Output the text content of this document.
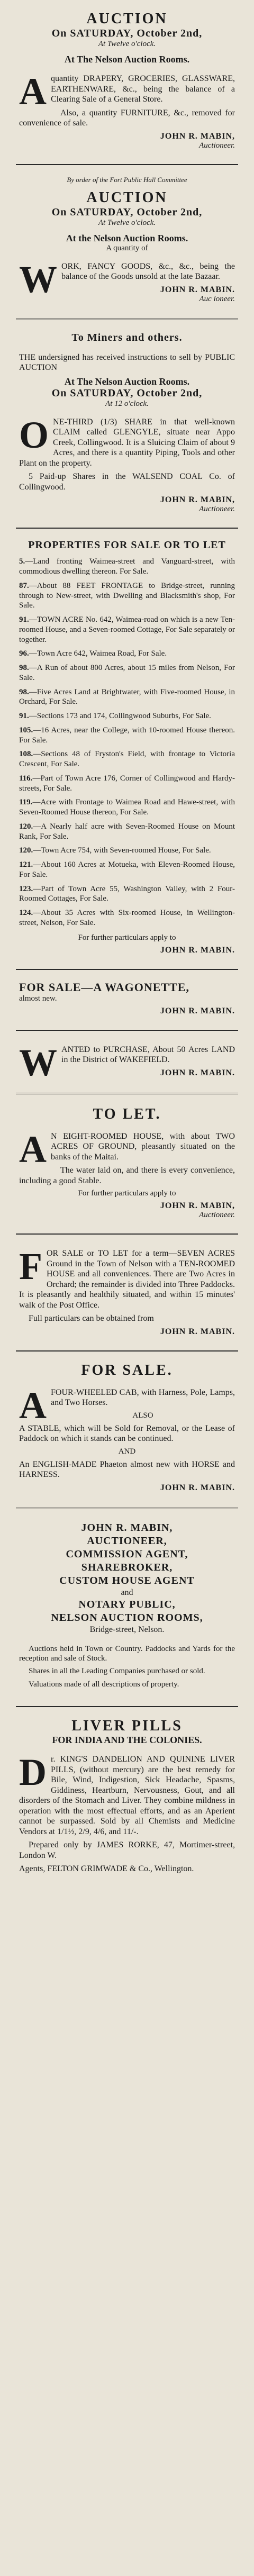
AUCTION
On SATURDAY, October 2nd,
At Twelve o'clock.
At The Nelson Auction Rooms.
A quantity DRAPERY, GROCERIES, GLASSWARE, EARTHENWARE, &c., being the balance of a Clearing Sale of a General Store.
Also, a quantity FURNITURE, &c., removed for convenience of sale.
JOHN R. MABIN,
Auctioneer.
By order of the Fort Public Hall Committee
AUCTION
On SATURDAY, October 2nd,
At Twelve o'clock.
At the Nelson Auction Rooms.
A quantity of
W ORK, FANCY GOODS, &c., &c., being the balance of the Goods unsold at the late Bazaar.
JOHN R. MABIN.
Auc ioneer.
To Miners and others.
THE undersigned has received instructions to sell by PUBLIC AUCTION
At The Nelson Auction Rooms.
On SATURDAY, October 2nd,
At 12 o'clock.
O NE-THIRD (1/3) SHARE in that well-known CLAIM called GLENGYLE, situate near Appo Creek, Collingwood. It is a Sluicing Claim of about 9 Acres, and there is a quantity Piping, Tools and other Plant on the property.
5 Paid-up Shares in the WALSEND COAL Co. of Collingwood.
JOHN R. MABIN,
Auctioneer.
PROPERTIES FOR SALE OR TO LET
5.—Land fronting Waimea-street and Vanguard-street, with commodious dwelling thereon. For Sale.
87.—About 88 FEET FRONTAGE to Bridge-street, running through to New-street, with Dwelling and Blacksmith's shop, For Sale.
91.—TOWN ACRE No. 642, Waimea-road on which is a new Ten-roomed House, and a Seven-roomed Cottage, For Sale separately or together.
96.—Town Acre 642, Waimea Road, For Sale.
98.—A Run of about 800 Acres, about 15 miles from Nelson, For Sale.
98.—Five Acres Land at Brightwater, with Five-roomed House, in Orchard, For Sale.
91.—Sections 173 and 174, Collingwood Suburbs, For Sale.
105.—16 Acres, near the College, with 10-roomed House thereon. For Sale.
108.—Sections 48 of Fryston's Field, with frontage to Victoria Crescent, For Sale.
116.—Part of Town Acre 176, Corner of Collingwood and Hardy-streets, For Sale.
119.—Acre with Frontage to Waimea Road and Hawe-street, with Seven-Roomed House thereon, For Sale.
120.—A Nearly half acre with Seven-Roomed House on Mount Rank, For Sale.
120.—Town Acre 754, with Seven-roomed House, For Sale.
121.—About 160 Acres at Motueka, with Eleven-Roomed House, For Sale.
123.—Part of Town Acre 55, Washington Valley, with 2 Four-Roomed Cottages, For Sale.
124.—About 35 Acres with Six-roomed House, in Wellington-street, Nelson, For Sale.
For further particulars apply to
JOHN R. MABIN.
FOR SALE—A WAGONETTE,
almost new.
JOHN R. MABIN.
W ANTED to PURCHASE, About 50 Acres LAND in the District of WAKEFIELD.
JOHN R. MABIN.
TO LET.
A N EIGHT-ROOMED HOUSE, with about TWO ACRES OF GROUND, pleasantly situated on the banks of the Maitai.
The water laid on, and there is every convenience, including a good Stable.
For further particulars apply to
JOHN R. MABIN,
Auctioneer.
F OR SALE or TO LET for a term—SEVEN ACRES Ground in the Town of Nelson with a TEN-ROOMED HOUSE and all conveniences. There are Two Acres in Orchard; the remainder is divided into Three Paddocks. It is pleasantly and healthily situated, and within 15 minutes' walk of the Post Office.
Full particulars can be obtained from
JOHN R. MABIN.
FOR SALE.
A FOUR-WHEELED CAB, with Harness, Pole, Lamps, and Two Horses.
ALSO
A STABLE, which will be Sold for Removal, or the Lease of Paddock on which it stands can be continued.
AND
An ENGLISH-MADE Phaeton almost new with HORSE and HARNESS.
JOHN R. MABIN.
JOHN R. MABIN,
AUCTIONEER,
COMMISSION AGENT,
SHAREBROKER,
CUSTOM HOUSE AGENT
and
NOTARY PUBLIC,
NELSON AUCTION ROOMS,
Bridge-street, Nelson.
Auctions held in Town or Country. Paddocks and Yards for the reception and sale of Stock.
Shares in all the Leading Companies purchased or sold.
Valuations made of all descriptions of property.
LIVER PILLS
FOR INDIA AND THE COLONIES.
D r. KING'S DANDELION AND QUININE LIVER PILLS, (without mercury) are the best remedy for Bile, Wind, Indigestion, Sick Headache, Spasms, Giddiness, Heartburn, Nervousness, Gout, and all disorders of the Stomach and Liver. They combine mildness in operation with the most effectual efforts, and as an Aperient cannot be surpassed. Sold by all Chemists and Medicine Vendors at 1/1½, 2/9, 4/6, and 11/-.
Prepared only by JAMES RORKE, 47, Mortimer-street, London W.
Agents, FELTON GRIMWADE & Co., Wellington.
